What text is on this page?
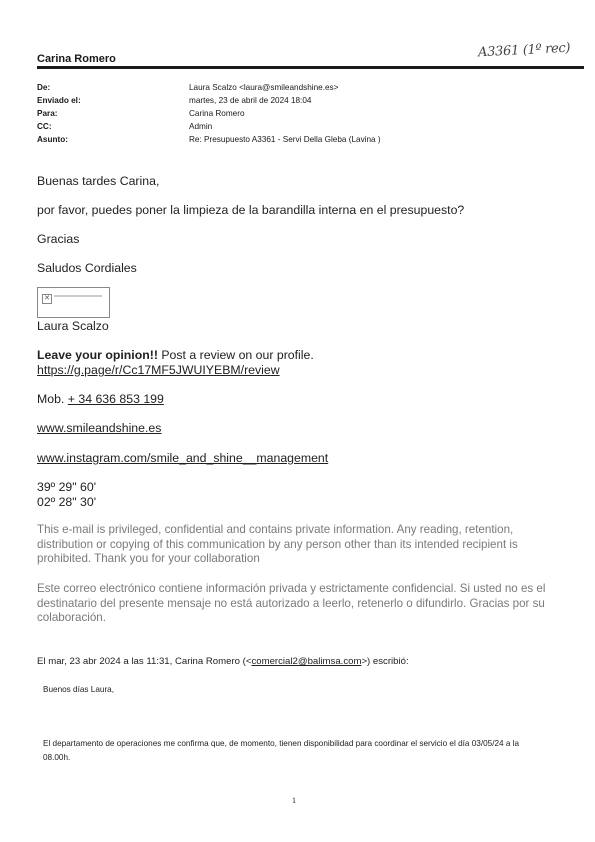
Carina Romero	A3361 (1º rec)
De:	Laura Scalzo <laura@smileandshine.es>
Enviado el:	martes, 23 de abril de 2024 18:04
Para:	Carina Romero
CC:	Admin
Asunto:	Re: Presupuesto A3361 - Servi Della Gleba (Lavina )
Buenas tardes Carina,
por favor, puedes poner la limpieza de la barandilla interna en el presupuesto?
Gracias
Saludos Cordiales
✕
Laura Scalzo
Leave your opinion!! Post a review on our profile.
https://g.page/r/Cc17MF5JWUIYEBM/review
Mob. + 34 636 853 199
www.smileandshine.es
www.instagram.com/smile_and_shine__management
39º 29" 60'
02º 28" 30'
This e-mail is privileged, confidential and contains private information. Any reading, retention, distribution or copying of this communication by any person other than its intended recipient is prohibited. Thank you for your collaboration
Este correo electrónico contiene información privada y estrictamente confidencial. Si usted no es el destinatario del presente mensaje no está autorizado a leerlo, retenerlo o difundirlo. Gracias por su colaboración.
El mar, 23 abr 2024 a las 11:31, Carina Romero (<comercial2@balimsa.com>) escribió:
Buenos días Laura,
El departamento de operaciones me confirma que, de momento, tienen disponibilidad para coordinar el servicio el día 03/05/24 a la 08.00h.
1
